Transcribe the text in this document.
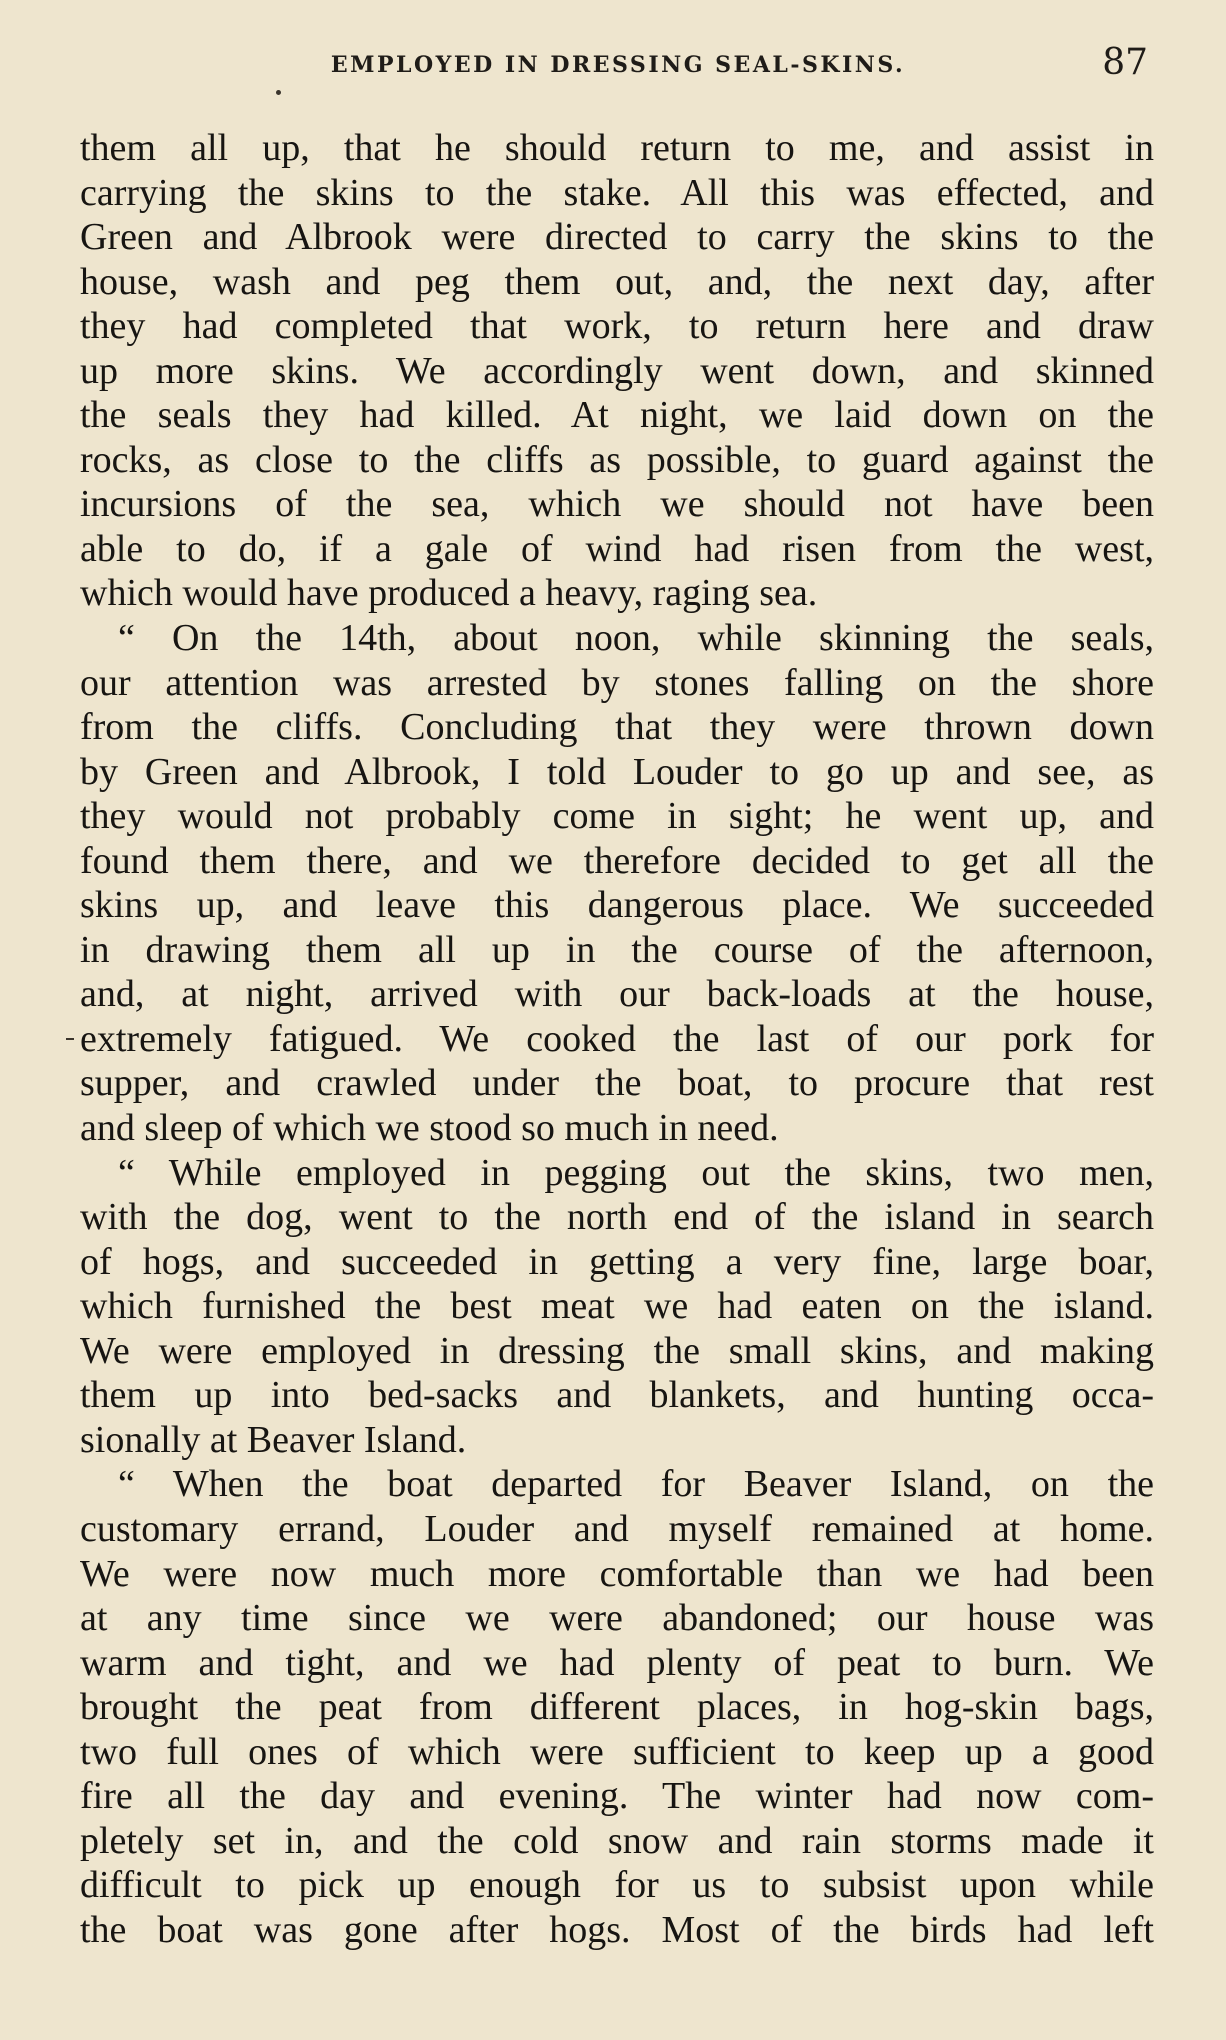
EMPLOYED IN DRESSING SEAL-SKINS.	87
them all up, that he should return to me, and assist in
carrying the skins to the stake. All this was effected, and
Green and Albrook were directed to carry the skins to the
house, wash and peg them out, and, the next day, after
they had completed that work, to return here and draw
up more skins. We accordingly went down, and skinned
the seals they had killed. At night, we laid down on the
rocks, as close to the cliffs as possible, to guard against the
incursions of the sea, which we should not have been
able to do, if a gale of wind had risen from the west,
which would have produced a heavy, raging sea.
“ On the 14th, about noon, while skinning the seals,
our attention was arrested by stones falling on the shore
from the cliffs. Concluding that they were thrown down
by Green and Albrook, I told Louder to go up and see, as
they would not probably come in sight; he went up, and
found them there, and we therefore decided to get all the
skins up, and leave this dangerous place. We succeeded
in drawing them all up in the course of the afternoon,
and, at night, arrived with our back-loads at the house,
extremely fatigued. We cooked the last of our pork for
supper, and crawled under the boat, to procure that rest
and sleep of which we stood so much in need.
“ While employed in pegging out the skins, two men,
with the dog, went to the north end of the island in search
of hogs, and succeeded in getting a very fine, large boar,
which furnished the best meat we had eaten on the island.
We were employed in dressing the small skins, and making
them up into bed-sacks and blankets, and hunting occa-
sionally at Beaver Island.
“ When the boat departed for Beaver Island, on the
customary errand, Louder and myself remained at home.
We were now much more comfortable than we had been
at any time since we were abandoned; our house was
warm and tight, and we had plenty of peat to burn. We
brought the peat from different places, in hog-skin bags,
two full ones of which were sufficient to keep up a good
fire all the day and evening. The winter had now com-
pletely set in, and the cold snow and rain storms made it
difficult to pick up enough for us to subsist upon while
the boat was gone after hogs. Most of the birds had left
